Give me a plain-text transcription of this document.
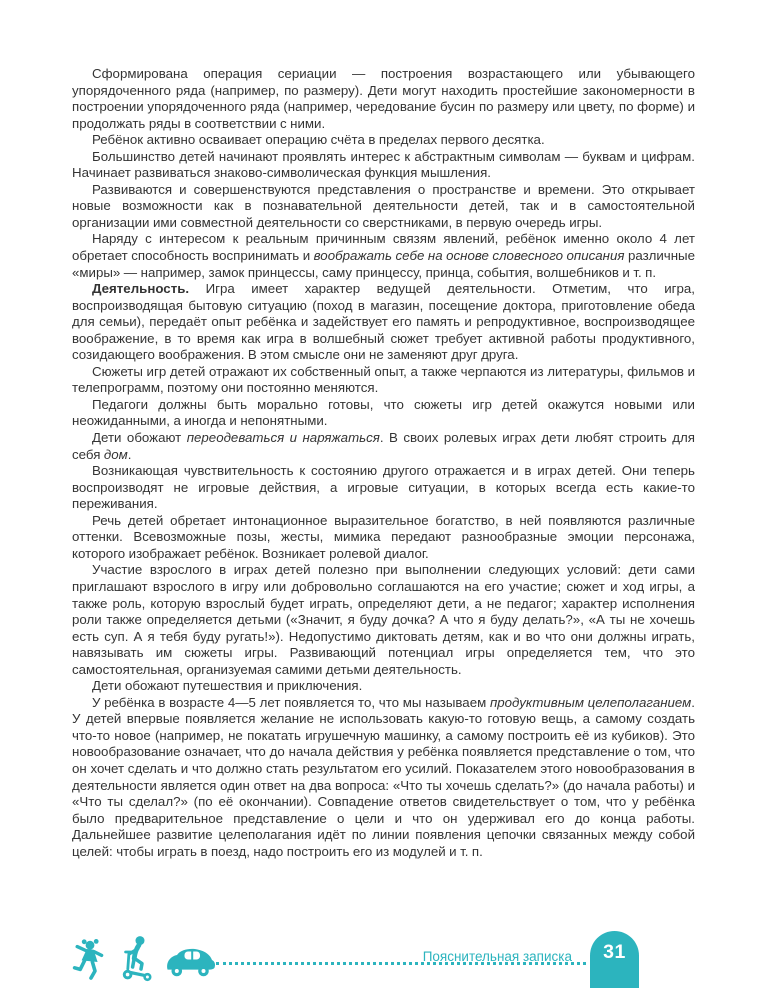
Сформирована операция сериации — построения возрастающего или убывающего упорядоченного ряда (например, по размеру). Дети могут находить простейшие закономерности в построении упорядоченного ряда (например, чередование бусин по размеру или цвету, по форме) и продолжать ряды в соответствии с ними.

Ребёнок активно осваивает операцию счёта в пределах первого десятка.

Большинство детей начинают проявлять интерес к абстрактным символам — буквам и цифрам. Начинает развиваться знаково-символическая функция мышления.

Развиваются и совершенствуются представления о пространстве и времени. Это открывает новые возможности как в познавательной деятельности детей, так и в самостоятельной организации ими совместной деятельности со сверстниками, в первую очередь игры.

Наряду с интересом к реальным причинным связям явлений, ребёнок именно около 4 лет обретает способность воспринимать и воображать себе на основе словесного описания различные «миры» — например, замок принцессы, саму принцессу, принца, события, волшебников и т. п.

Деятельность. Игра имеет характер ведущей деятельности. Отметим, что игра, воспроизводящая бытовую ситуацию (поход в магазин, посещение доктора, приготовление обеда для семьи), передаёт опыт ребёнка и задействует его память и репродуктивное, воспроизводящее воображение, в то время как игра в волшебный сюжет требует активной работы продуктивного, созидающего воображения. В этом смысле они не заменяют друг друга.

Сюжеты игр детей отражают их собственный опыт, а также черпаются из литературы, фильмов и телепрограмм, поэтому они постоянно меняются.

Педагоги должны быть морально готовы, что сюжеты игр детей окажутся новыми или неожиданными, а иногда и непонятными.

Дети обожают переодеваться и наряжаться. В своих ролевых играх дети любят строить для себя дом.

Возникающая чувствительность к состоянию другого отражается и в играх детей. Они теперь воспроизводят не игровые действия, а игровые ситуации, в которых всегда есть какие-то переживания.

Речь детей обретает интонационное выразительное богатство, в ней появляются различные оттенки. Всевозможные позы, жесты, мимика передают разнообразные эмоции персонажа, которого изображает ребёнок. Возникает ролевой диалог.

Участие взрослого в играх детей полезно при выполнении следующих условий: дети сами приглашают взрослого в игру или добровольно соглашаются на его участие; сюжет и ход игры, а также роль, которую взрослый будет играть, определяют дети, а не педагог; характер исполнения роли также определяется детьми («Значит, я буду дочка? А что я буду делать?», «А ты не хочешь есть суп. А я тебя буду ругать!»). Недопустимо диктовать детям, как и во что они должны играть, навязывать им сюжеты игры. Развивающий потенциал игры определяется тем, что это самостоятельная, организуемая самими детьми деятельность.

Дети обожают путешествия и приключения.

У ребёнка в возрасте 4—5 лет появляется то, что мы называем продуктивным целеполаганием. У детей впервые появляется желание не использовать какую-то готовую вещь, а самому создать что-то новое (например, не покатать игрушечную машинку, а самому построить её из кубиков). Это новообразование означает, что до начала действия у ребёнка появляется представление о том, что он хочет сделать и что должно стать результатом его усилий. Показателем этого новообразования в деятельности является один ответ на два вопроса: «Что ты хочешь сделать?» (до начала работы) и «Что ты сделал?» (по её окончании). Совпадение ответов свидетельствует о том, что у ребёнка было предварительное представление о цели и что он удерживал его до конца работы. Дальнейшее развитие целеполагания идёт по линии появления цепочки связанных между собой целей: чтобы играть в поезд, надо построить его из модулей и т. п.

Пояснительная записка	31
